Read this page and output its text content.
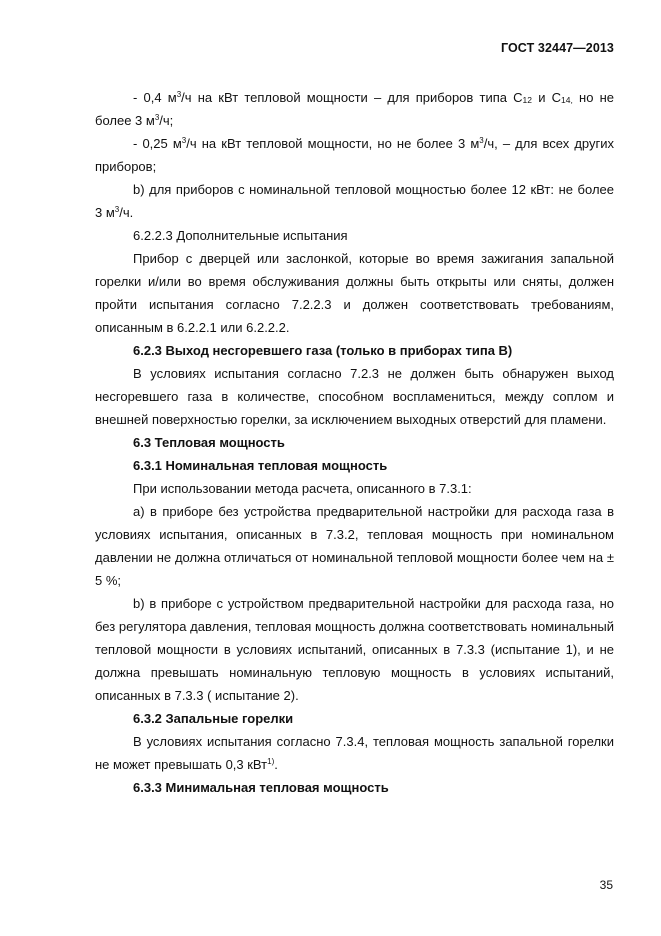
ГОСТ 32447—2013

- 0,4 $м^3/ч$ на кВт тепловой мощности – для приборов типа $С_{12}$ и $С_{14,}$ но не более 3 $м^3/ч$;

- 0,25 $м^3/ч$ на кВт тепловой мощности, но не более 3 $м^3/ч$, – для всех других приборов;

b) для приборов с номинальной тепловой мощностью более 12 кВт: не более 3 $м^3/ч$.

6.2.2.3 Дополнительные испытания

Прибор с дверцей или заслонкой, которые во время зажигания запальной горелки и/или во время обслуживания должны быть открыты или сняты, должен пройти испытания согласно 7.2.2.3 и должен соответствовать требованиям, описанным в 6.2.2.1 или 6.2.2.2.

6.2.3 Выход несгоревшего газа (только в приборах типа В)

В условиях испытания согласно 7.2.3 не должен быть обнаружен выход несгоревшего газа в количестве, способном воспламениться, между соплом и внешней поверхностью горелки, за исключением выходных отверстий для пламени.

6.3 Тепловая мощность

6.3.1 Номинальная тепловая мощность

При использовании метода расчета, описанного в 7.3.1:

а) в приборе без устройства предварительной настройки для расхода газа в условиях испытания, описанных в 7.3.2, тепловая мощность при номинальном давлении не должна отличаться от номинальной тепловой мощности более чем на ± 5 %;

b) в приборе с устройством предварительной настройки для расхода газа, но без регулятора давления, тепловая мощность должна соответствовать номинальный тепловой мощности в условиях испытаний, описанных в 7.3.3 (испытание 1), и не должна превышать номинальную тепловую мощность в условиях испытаний, описанных в 7.3.3 ( испытание 2).

6.3.2 Запальные горелки

В условиях испытания согласно 7.3.4, тепловая мощность запальной горелки не может превышать 0,3 кВт$^{1)}$.

6.3.3 Минимальная тепловая мощность

35
